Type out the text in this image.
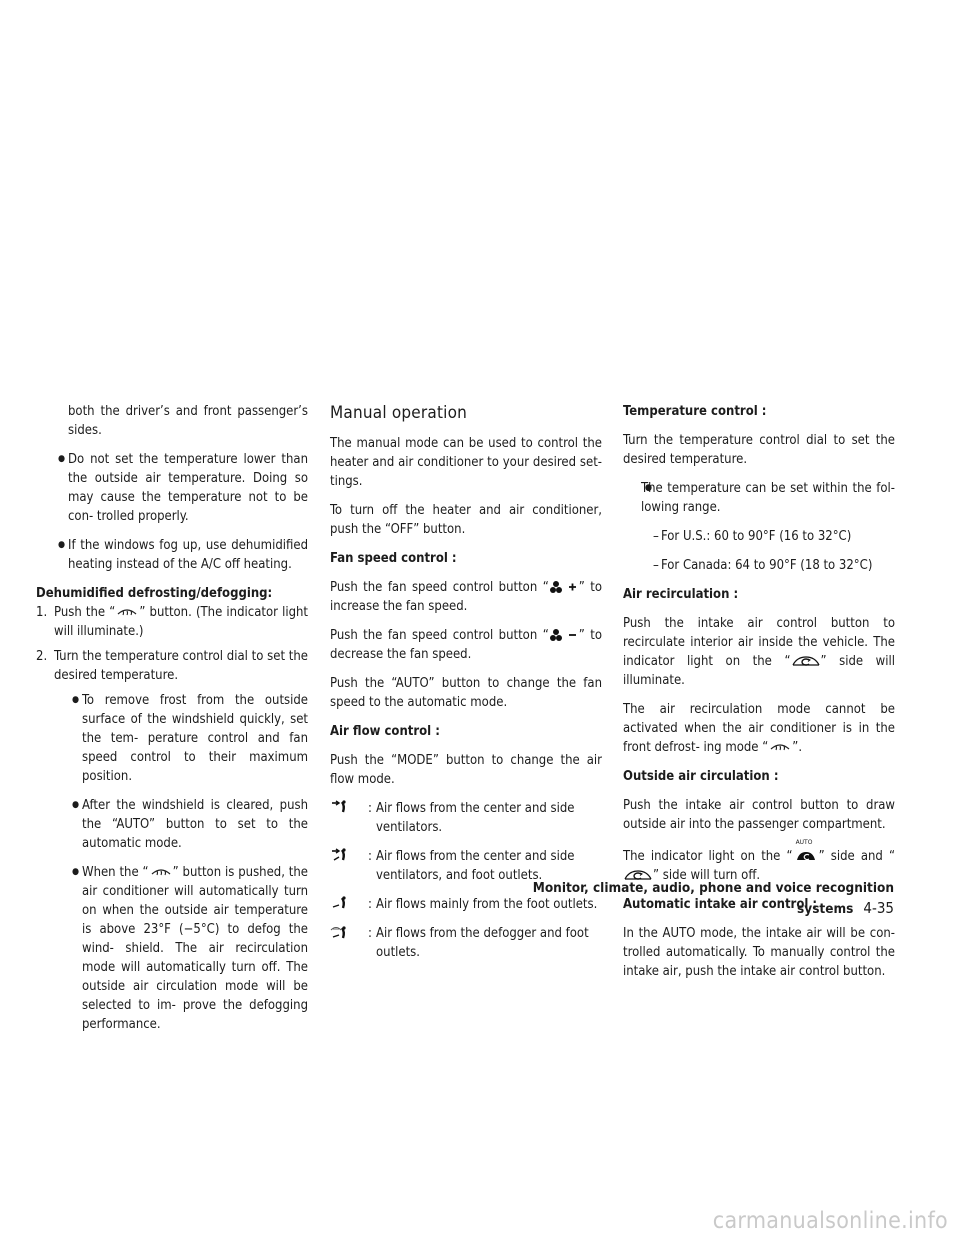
both the driver’s and front passenger’s sides.

● Do not set the temperature lower than the outside air temperature. Doing so may cause the temperature not to be con- trolled properly.

● If the windows fog up, use dehumidified heating instead of the A/C off heating.

Dehumidified defrosting/defogging:

1. Push the “ ” button. (The indicator light will illuminate.)

2. Turn the temperature control dial to set the desired temperature.

● To remove frost from the outside surface of the windshield quickly, set the tem- perature control and fan speed control to their maximum position.

● After the windshield is cleared, push the “AUTO” button to set to the automatic mode.

● When the “ ” button is pushed, the air conditioner will automatically turn on when the outside air temperature is above 23°F (−5°C) to defog the wind- shield. The air recirculation mode will automatically turn off. The outside air circulation mode will be selected to im- prove the defogging performance.

Manual operation

The manual mode can be used to control the heater and air conditioner to your desired set- tings.

To turn off the heater and air conditioner, push the “OFF” button.

Fan speed control :

Push the fan speed control button “ ” to increase the fan speed.

Push the fan speed control button “ ” to decrease the fan speed.

Push the “AUTO” button to change the fan speed to the automatic mode.

Air flow control :

Push the “MODE” button to change the air flow mode.

: Air flows from the center and side ventilators.
: Air flows from the center and side ventilators, and foot outlets.
: Air flows mainly from the foot outlets.
: Air flows from the defogger and foot outlets.
Temperature control :

Turn the temperature control dial to set the desired temperature.

● The temperature can be set within the fol- lowing range.

– For U.S.: 60 to 90°F (16 to 32°C)

– For Canada: 64 to 90°F (18 to 32°C)

Air recirculation :

Push the intake air control button to recirculate interior air inside the vehicle. The indicator light on the “ ” side will illuminate.

The air recirculation mode cannot be activated when the air conditioner is in the front defrost- ing mode “ ”.

Outside air circulation :

Push the intake air control button to draw outside air into the passenger compartment.

The indicator light on the “
AUTO
” side and “
” side will turn off.

Automatic intake air control :

In the AUTO mode, the intake air will be con- trolled automatically. To manually control the intake air, push the intake air control button.

Monitor, climate, audio, phone and voice recognition systems 4-35
carmanualsonline.info
